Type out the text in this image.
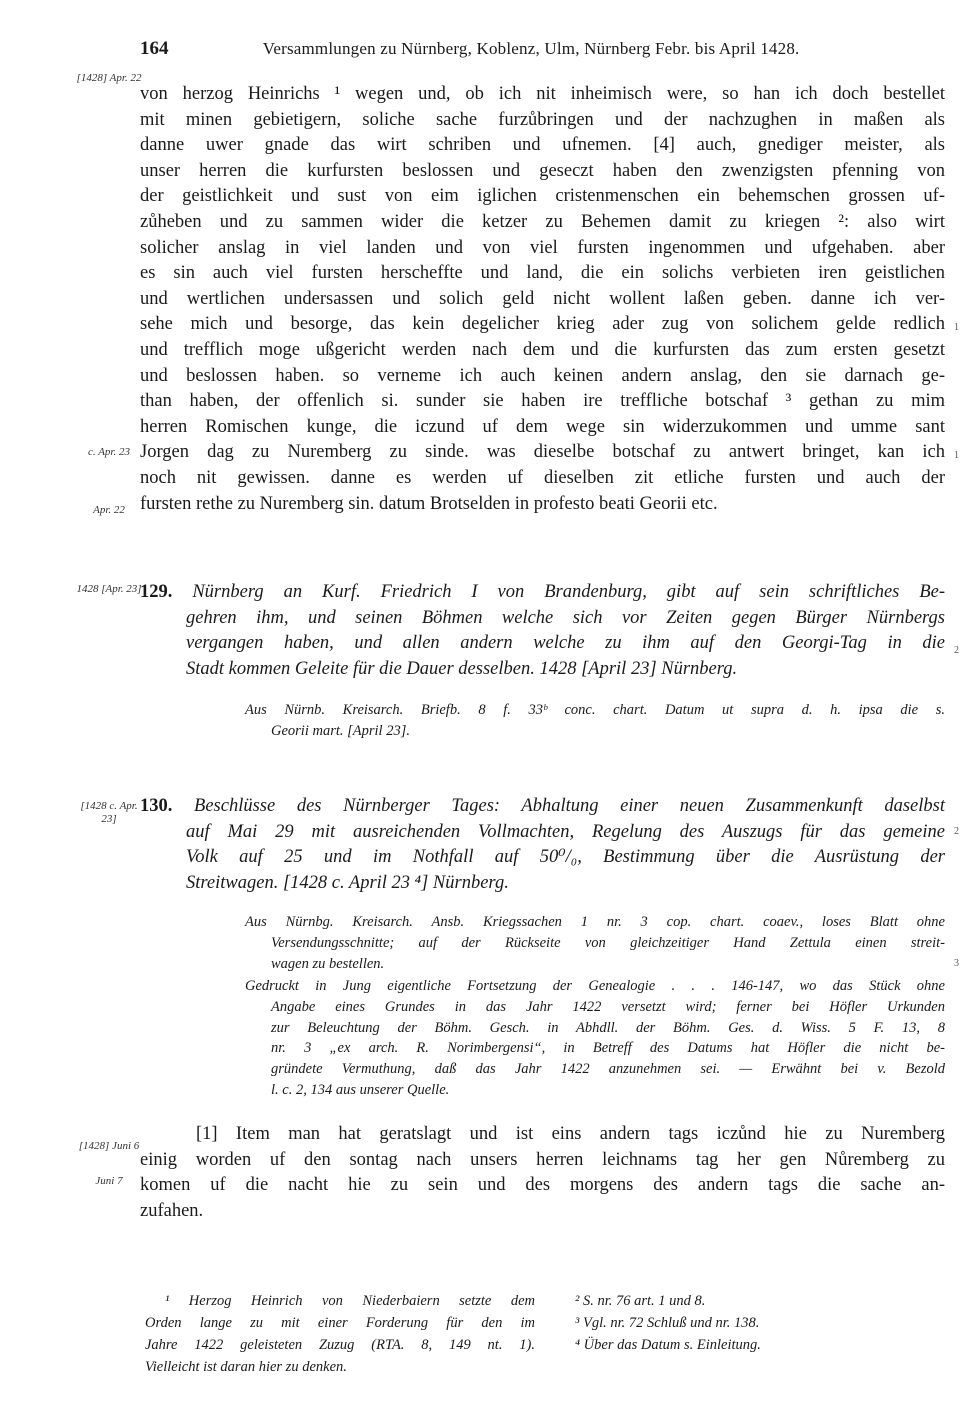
164	Versammlungen zu Nürnberg, Koblenz, Ulm, Nürnberg Febr. bis April 1428.
[1428] Apr. 22
c. Apr. 23
Apr. 22
1428 [Apr. 23]
[1428 c. Apr. 23]
[1428] Juni 6
Juni 7
von herzog Heinrichs ¹ wegen und, ob ich nit inheimisch were, so han ich doch bestellet
mit minen gebietigern, soliche sache furzůbringen und der nachzughen in maßen als
danne uwer gnade das wirt schriben und ufnemen. [4] auch, gnediger meister, als
unser herren die kurfursten beslossen und geseczt haben den zwenzigsten pfenning von
der geistlichkeit und sust von eim iglichen cristenmenschen ein behemschen grossen uf-
zůheben und zu sammen wider die ketzer zu Behemen damit zu kriegen ²: also wirt
solicher anslag in viel landen und von viel fursten ingenommen und ufgehaben. aber
es sin auch viel fursten herscheffte und land, die ein solichs verbieten iren geistlichen
und wertlichen undersassen und solich geld nicht wollent laßen geben. danne ich ver-
sehe mich und besorge, das kein degelicher krieg ader zug von solichem gelde redlich
und trefflich moge ußgericht werden nach dem und die kurfursten das zum ersten gesetzt
und beslossen haben. so verneme ich auch keinen andern anslag, den sie darnach ge-
than haben, der offenlich si. sunder sie haben ire treffliche botschaf ³ gethan zu mim
herren Romischen kunge, die iczund uf dem wege sin widerzukommen und umme sant
Jorgen dag zu Nuremberg zu sinde. was dieselbe botschaf zu antwert bringet, kan ich
noch nit gewissen. danne es werden uf dieselben zit etliche fursten und auch der
fursten rethe zu Nuremberg sin. datum Brotselden in profesto beati Georii etc.
129. Nürnberg an Kurf. Friedrich I von Brandenburg, gibt auf sein schriftliches Be-
gehren ihm, und seinen Böhmen welche sich vor Zeiten gegen Bürger Nürnbergs
vergangen haben, und allen andern welche zu ihm auf den Georgi-Tag in die
Stadt kommen Geleite für die Dauer desselben. 1428 [April 23] Nürnberg.
Aus Nürnb. Kreisarch. Briefb. 8 f. 33ᵇ conc. chart. Datum ut supra d. h. ipsa die s.
Georii mart. [April 23].
130. Beschlüsse des Nürnberger Tages: Abhaltung einer neuen Zusammenkunft daselbst
auf Mai 29 mit ausreichenden Vollmachten, Regelung des Auszugs für das gemeine
Volk auf 25 und im Nothfall auf 50⁰/₀, Bestimmung über die Ausrüstung der
Streitwagen. [1428 c. April 23 ⁴] Nürnberg.
Aus Nürnbg. Kreisarch. Ansb. Kriegssachen 1 nr. 3 cop. chart. coaev., loses Blatt ohne
Versendungsschnitte; auf der Rückseite von gleichzeitiger Hand Zettula einen streit-
wagen zu bestellen.
Gedruckt in Jung eigentliche Fortsetzung der Genealogie . . . 146-147, wo das Stück ohne
Angabe eines Grundes in das Jahr 1422 versetzt wird; ferner bei Höfler Urkunden
zur Beleuchtung der Böhm. Gesch. in Abhdll. der Böhm. Ges. d. Wiss. 5 F. 13, 8
nr. 3 „ex arch. R. Norimbergensi“, in Betreff des Datums hat Höfler die nicht be-
gründete Vermuthung, daß das Jahr 1422 anzunehmen sei. — Erwähnt bei v. Bezold
l. c. 2, 134 aus unserer Quelle.
[1] Item man hat geratslagt und ist eins andern tags iczůnd hie zu Nuremberg
einig worden uf den sontag nach unsers herren leichnams tag her gen Nůremberg zu
komen uf die nacht hie zu sein und des morgens des andern tags die sache an-
zufahen.
¹ Herzog Heinrich von Niederbaiern setzte dem
Orden lange zu mit einer Forderung für den im
Jahre 1422 geleisteten Zuzug (RTA. 8, 149 nt. 1).
Vielleicht ist daran hier zu denken.
² S. nr. 76 art. 1 und 8.
³ Vgl. nr. 72 Schluß und nr. 138.
⁴ Über das Datum s. Einleitung.
1
1
2
2
3
